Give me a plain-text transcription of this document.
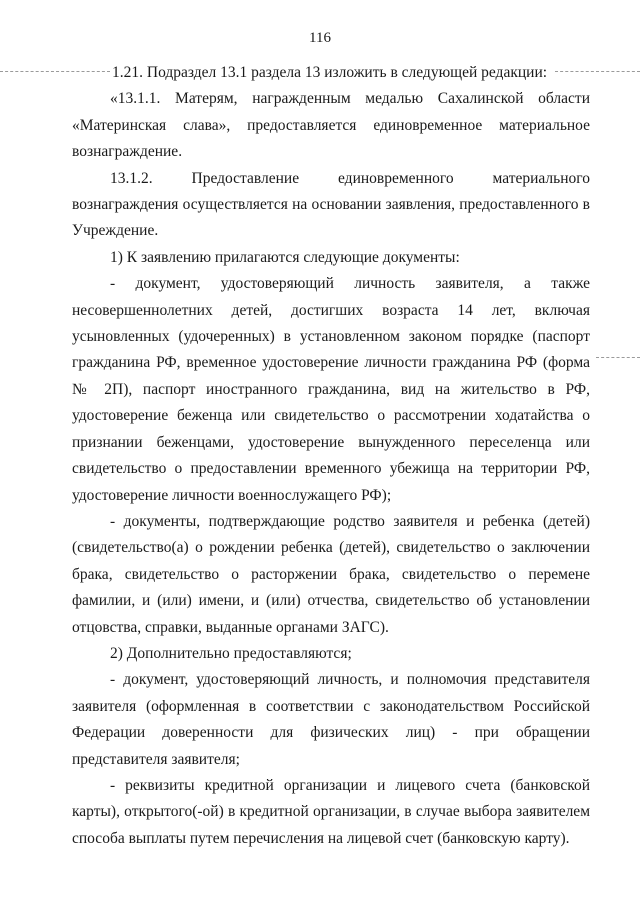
116

1.21. Подраздел 13.1 раздела 13 изложить в следующей редакции:

«13.1.1. Матерям, награжденным медалью Сахалинской области «Материнская слава», предоставляется единовременное материальное вознаграждение.

13.1.2. Предоставление единовременного материального вознаграждения осуществляется на основании заявления, предоставленного в Учреждение.

1) К заявлению прилагаются следующие документы:

- документ, удостоверяющий личность заявителя, а также несовершеннолетних детей, достигших возраста 14 лет, включая усыновленных (удочеренных) в установленном законом порядке (паспорт гражданина РФ, временное удостоверение личности гражданина РФ (форма № 2П), паспорт иностранного гражданина, вид на жительство в РФ, удостоверение беженца или свидетельство о рассмотрении ходатайства о признании беженцами, удостоверение вынужденного переселенца или свидетельство о предоставлении временного убежища на территории РФ, удостоверение личности военнослужащего РФ);

- документы, подтверждающие родство заявителя и ребенка (детей) (свидетельство(а) о рождении ребенка (детей), свидетельство о заключении брака, свидетельство о расторжении брака, свидетельство о перемене фамилии, и (или) имени, и (или) отчества, свидетельство об установлении отцовства, справки, выданные органами ЗАГС).

2) Дополнительно предоставляются;

- документ, удостоверяющий личность, и полномочия представителя заявителя (оформленная в соответствии с законодательством Российской Федерации доверенности для физических лиц) - при обращении представителя заявителя;

- реквизиты кредитной организации и лицевого счета (банковской карты), открытого(-ой) в кредитной организации, в случае выбора заявителем способа выплаты путем перечисления на лицевой счет (банковскую карту).
